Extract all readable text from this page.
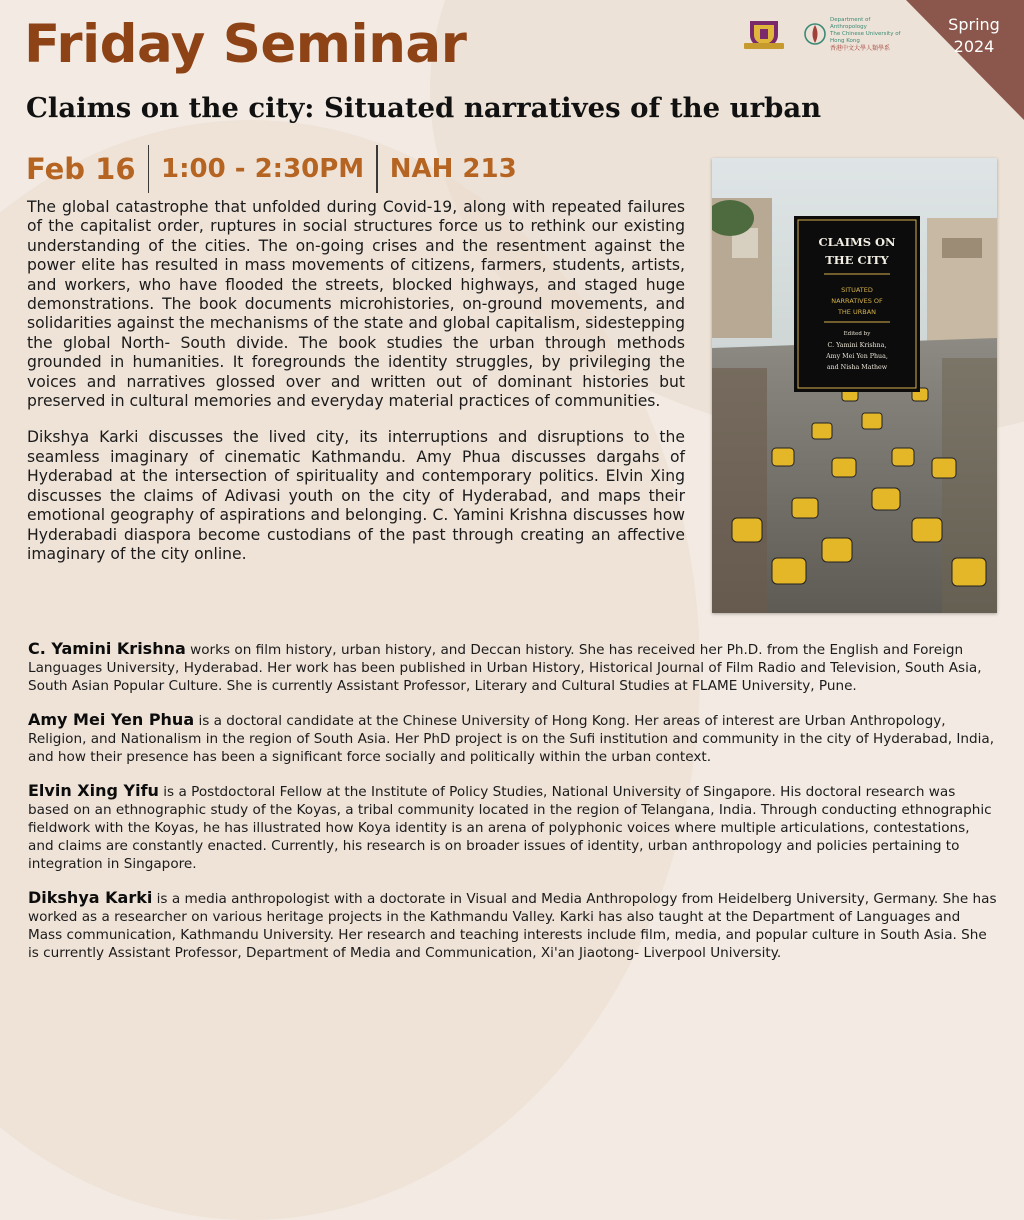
Spring
2024
Department of Anthropology
The Chinese University of Hong Kong
香港中文大學人類學系
Friday Seminar
Claims on the city: Situated narratives of the urban
Feb 16 1:00 - 2:30PM NAH 213

The global catastrophe that unfolded during Covid-19, along with repeated failures of the capitalist order, ruptures in social structures force us to rethink our existing understanding of the cities. The on-going crises and the resentment against the power elite has resulted in mass movements of citizens, farmers, students, artists, and workers, who have flooded the streets, blocked highways, and staged huge demonstrations. The book documents microhistories, on-ground movements, and solidarities against the mechanisms of the state and global capitalism, sidestepping the global North- South divide. The book studies the urban through methods grounded in humanities. It foregrounds the identity struggles, by privileging the voices and narratives glossed over and written out of dominant histories but preserved in cultural memories and everyday material practices of communities.

Dikshya Karki discusses the lived city, its interruptions and disruptions to the seamless imaginary of cinematic Kathmandu. Amy Phua discusses dargahs of Hyderabad at the intersection of spirituality and contemporary politics. Elvin Xing discusses the claims of Adivasi youth on the city of Hyderabad, and maps their emotional geography of aspirations and belonging. C. Yamini Krishna discusses how Hyderabadi diaspora become custodians of the past through creating an affective imaginary of the city online.

CLAIMS ON
THE CITY
SITUATED
NARRATIVES OF
THE URBAN
Edited by
C. Yamini Krishna,
Amy Mei Yen Phua,
and Nisha Mathew

C. Yamini Krishna works on film history, urban history, and Deccan history. She has received her Ph.D. from the English and Foreign Languages University, Hyderabad. Her work has been published in Urban History, Historical Journal of Film Radio and Television, South Asia, South Asian Popular Culture. She is currently Assistant Professor, Literary and Cultural Studies at FLAME University, Pune.

Amy Mei Yen Phua is a doctoral candidate at the Chinese University of Hong Kong. Her areas of interest are Urban Anthropology, Religion, and Nationalism in the region of South Asia. Her PhD project is on the Sufi institution and community in the city of Hyderabad, India, and how their presence has been a significant force socially and politically within the urban context.

Elvin Xing Yifu is a Postdoctoral Fellow at the Institute of Policy Studies, National University of Singapore. His doctoral research was based on an ethnographic study of the Koyas, a tribal community located in the region of Telangana, India. Through conducting ethnographic fieldwork with the Koyas, he has illustrated how Koya identity is an arena of polyphonic voices where multiple articulations, contestations, and claims are constantly enacted. Currently, his research is on broader issues of identity, urban anthropology and policies pertaining to integration in Singapore.

Dikshya Karki is a media anthropologist with a doctorate in Visual and Media Anthropology from Heidelberg University, Germany. She has worked as a researcher on various heritage projects in the Kathmandu Valley. Karki has also taught at the Department of Languages and Mass communication, Kathmandu University. Her research and teaching interests include film, media, and popular culture in South Asia. She is currently Assistant Professor, Department of Media and Communication, Xi'an Jiaotong- Liverpool University.
